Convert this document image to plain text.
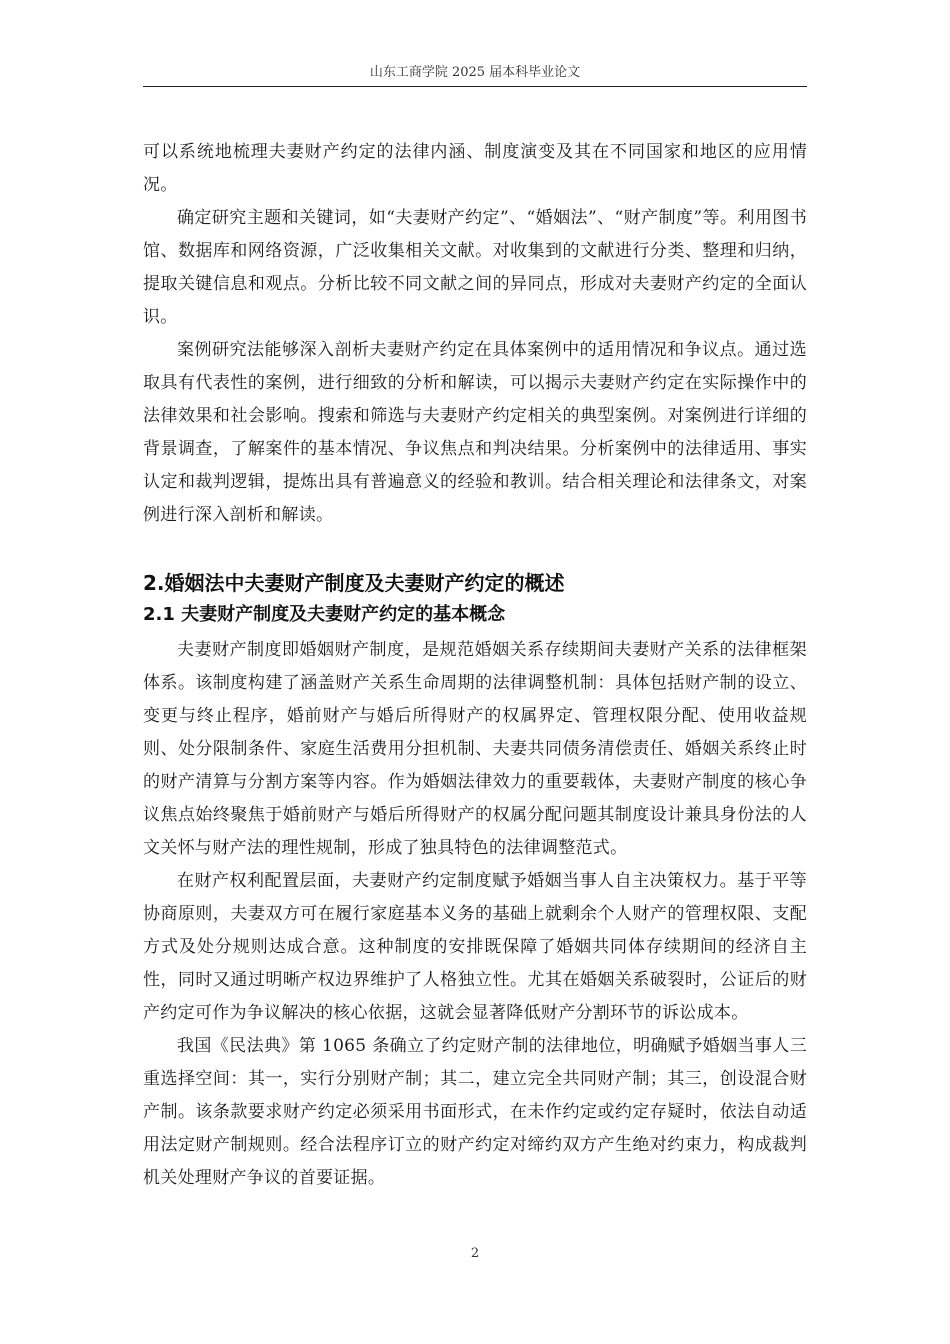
山东工商学院 2025 届本科毕业论文

可以系统地梳理夫妻财产约定的法律内涵、制度演变及其在不同国家和地区的应用情况。

确定研究主题和关键词，如“夫妻财产约定”、“婚姻法”、“财产制度”等。利用图书馆、数据库和网络资源，广泛收集相关文献。对收集到的文献进行分类、整理和归纳，提取关键信息和观点。分析比较不同文献之间的异同点，形成对夫妻财产约定的全面认识。

案例研究法能够深入剖析夫妻财产约定在具体案例中的适用情况和争议点。通过选取具有代表性的案例，进行细致的分析和解读，可以揭示夫妻财产约定在实际操作中的法律效果和社会影响。搜索和筛选与夫妻财产约定相关的典型案例。对案例进行详细的背景调查，了解案件的基本情况、争议焦点和判决结果。分析案例中的法律适用、事实认定和裁判逻辑，提炼出具有普遍意义的经验和教训。结合相关理论和法律条文，对案例进行深入剖析和解读。

2.婚姻法中夫妻财产制度及夫妻财产约定的概述
2.1 夫妻财产制度及夫妻财产约定的基本概念

夫妻财产制度即婚姻财产制度，是规范婚姻关系存续期间夫妻财产关系的法律框架体系。该制度构建了涵盖财产关系生命周期的法律调整机制：具体包括财产制的设立、变更与终止程序，婚前财产与婚后所得财产的权属界定、管理权限分配、使用收益规则、处分限制条件、家庭生活费用分担机制、夫妻共同债务清偿责任、婚姻关系终止时的财产清算与分割方案等内容。作为婚姻法律效力的重要载体，夫妻财产制度的核心争议焦点始终聚焦于婚前财产与婚后所得财产的权属分配问题其制度设计兼具身份法的人文关怀与财产法的理性规制，形成了独具特色的法律调整范式。

在财产权利配置层面，夫妻财产约定制度赋予婚姻当事人自主决策权力。基于平等协商原则，夫妻双方可在履行家庭基本义务的基础上就剩余个人财产的管理权限、支配方式及处分规则达成合意。这种制度的安排既保障了婚姻共同体存续期间的经济自主性，同时又通过明晰产权边界维护了人格独立性。尤其在婚姻关系破裂时，公证后的财产约定可作为争议解决的核心依据，这就会显著降低财产分割环节的诉讼成本。

我国《民法典》第 1065 条确立了约定财产制的法律地位，明确赋予婚姻当事人三重选择空间：其一，实行分别财产制；其二，建立完全共同财产制；其三，创设混合财产制。该条款要求财产约定必须采用书面形式，在未作约定或约定存疑时，依法自动适用法定财产制规则。经合法程序订立的财产约定对缔约双方产生绝对约束力，构成裁判机关处理财产争议的首要证据。

2
